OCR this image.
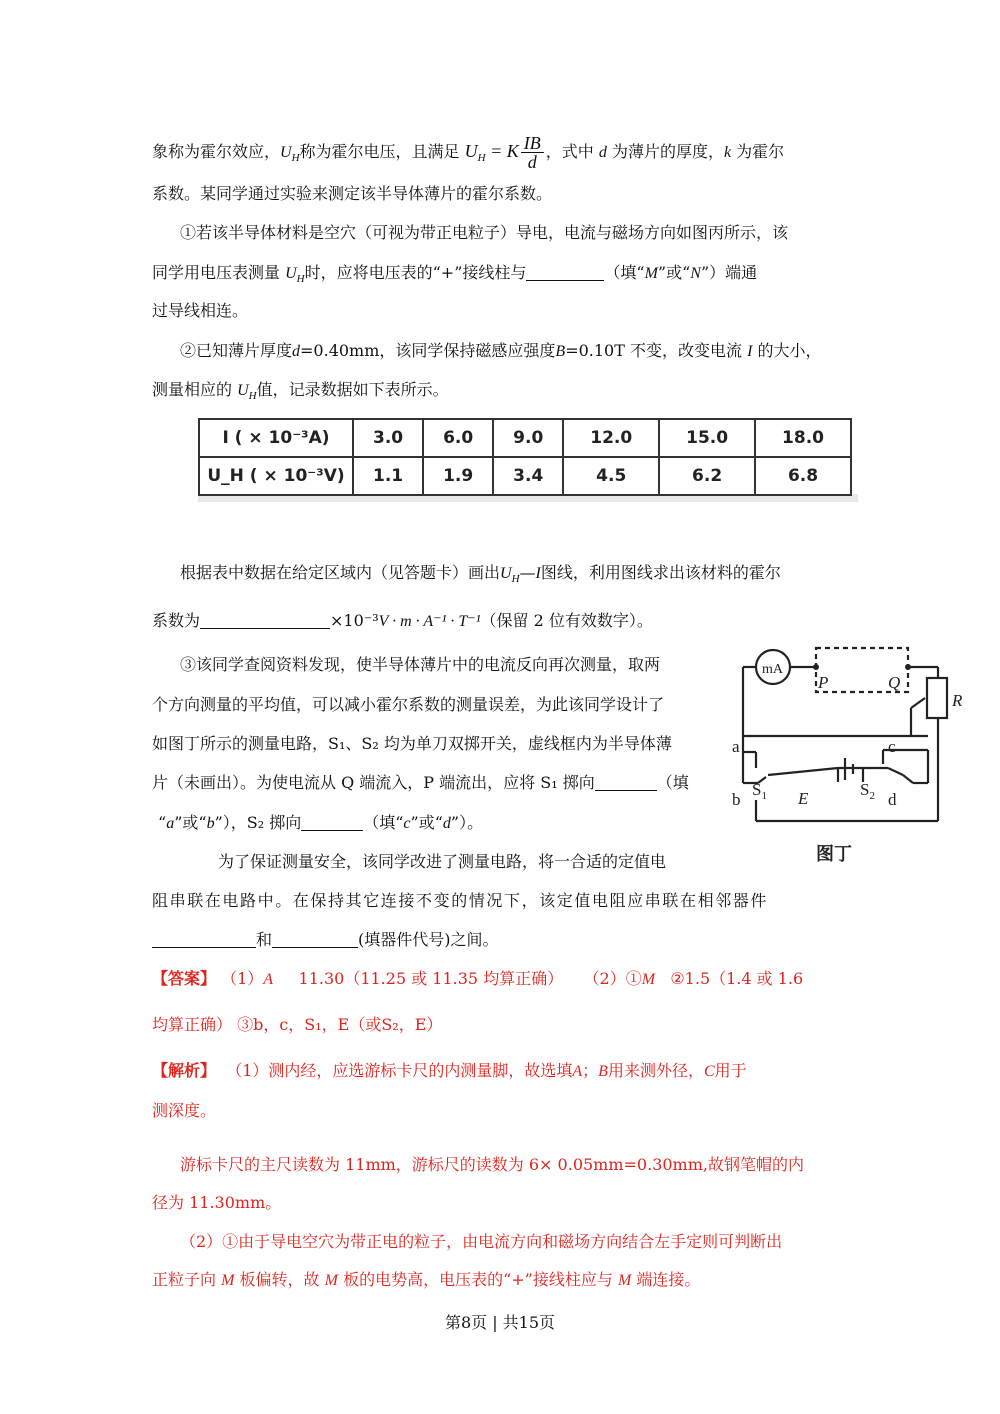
象称为霍尔效应，$U_H$称为霍尔电压，且满足 $U_H = K \frac{IB}{d}$ ，式中 d 为薄片的厚度，k 为霍尔
系数。某同学通过实验来测定该半导体薄片的霍尔系数。
①若该半导体材料是空穴（可视为带正电粒子）导电，电流与磁场方向如图丙所示，该
同学用电压表测量 $U_H$时，应将电压表的“+”接线柱与	（填“M”或“N”）端通
过导线相连。
②已知薄片厚度d=0.40mm，该同学保持磁感应强度B=0.10T 不变，改变电流 I 的大小，
测量相应的 $U_H$值，记录数据如下表所示。
I ( × 10⁻³A)	3.0	6.0	9.0	12.0	15.0	18.0
U_H ( × 10⁻³V)	1.1	1.9	3.4	4.5	6.2	6.8
根据表中数据在给定区域内（见答题卡）画出$U_H—I$图线，利用图线求出该材料的霍尔
系数为	×10⁻³V · m · A⁻¹ · T⁻¹（保留 2 位有效数字）。
③该同学查阅资料发现，使半导体薄片中的电流反向再次测量，取两
个方向测量的平均值，可以减小霍尔系数的测量误差，为此该同学设计了
如图丁所示的测量电路，S₁、S₂ 均为单刀双掷开关，虚线框内为半导体薄
片（未画出）。为使电流从 Q 端流入，P 端流出，应将 S₁ 掷向	（填
“a”或“b”），S₂ 掷向	（填“c”或“d”）。
为了保证测量安全，该同学改进了测量电路，将一合适的定值电
阻串联在电路中。在保持其它连接不变的情况下，该定值电阻应串联在相邻器件
和	(填器件代号)之间。
mA
P	Q
R
a
b
c
d
$S_1$ E	$S_2$
图丁
【答案】 （1）A 11.30（11.25 或 11.35 均算正确） （2）①M ②1.5（1.4 或 1.6
均算正确） ③b，c，S₁，E（或S₂，E）
【解析】 （1）测内经，应选游标卡尺的内测量脚，故选填A；B用来测外径，C用于
测深度。
游标卡尺的主尺读数为 11mm，游标尺的读数为 6× 0.05mm=0.30mm,故钢笔帽的内
径为 11.30mm。
（2）①由于导电空穴为带正电的粒子，由电流方向和磁场方向结合左手定则可判断出
正粒子向 M 板偏转，故 M 板的电势高，电压表的“+”接线柱应与 M 端连接。
第8页 | 共15页
